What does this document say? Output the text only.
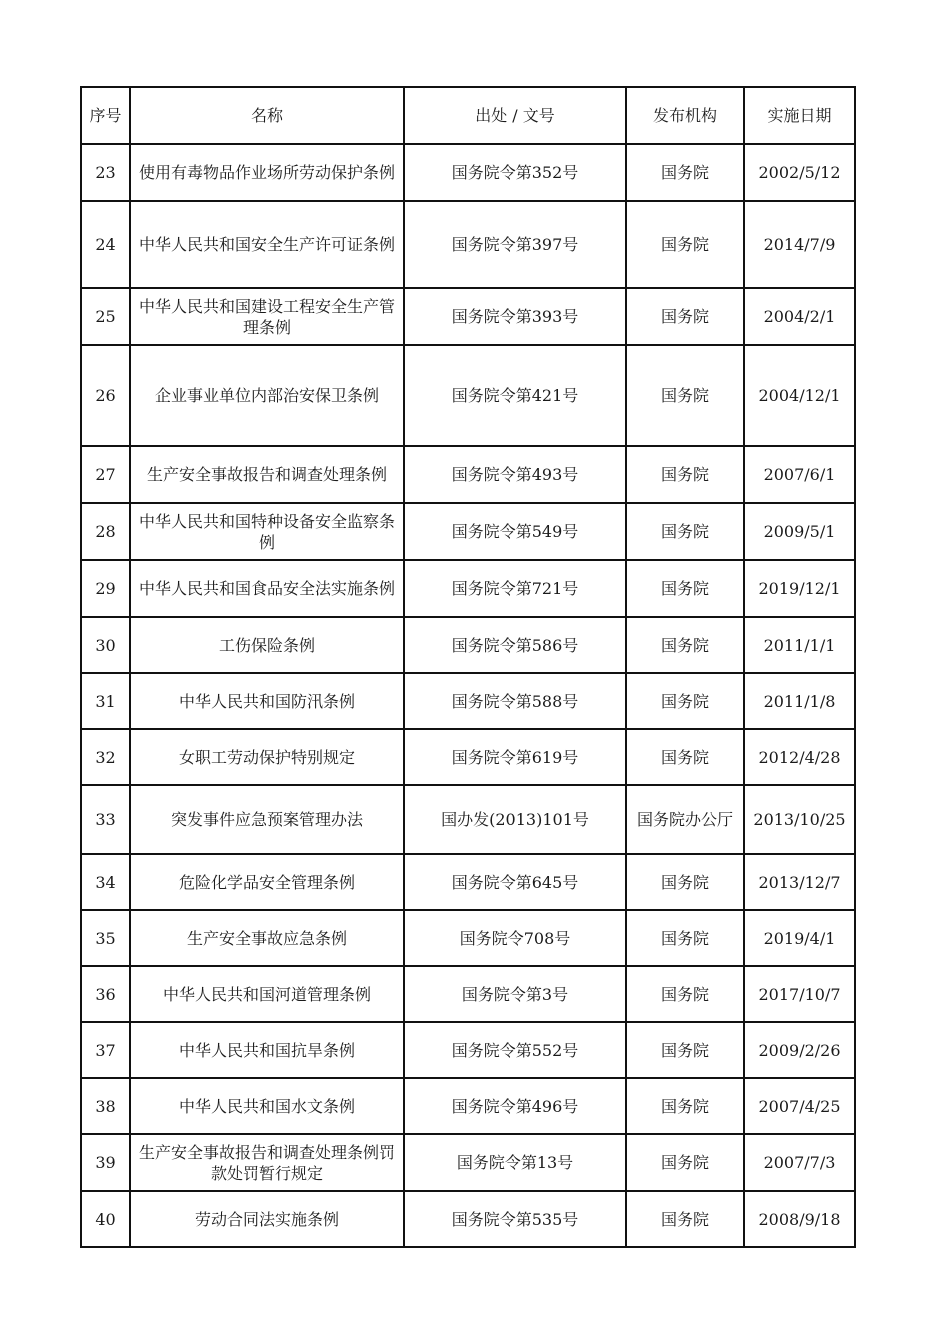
序号	名称	出处 / 文号	发布机构	实施日期
23	使用有毒物品作业场所劳动保护条例	国务院令第352号	国务院	2002/5/12
24	中华人民共和国安全生产许可证条例	国务院令第397号	国务院	2014/7/9
25	中华人民共和国建设工程安全生产管理条例	国务院令第393号	国务院	2004/2/1
26	企业事业单位内部治安保卫条例	国务院令第421号	国务院	2004/12/1
27	生产安全事故报告和调查处理条例	国务院令第493号	国务院	2007/6/1
28	中华人民共和国特种设备安全监察条例	国务院令第549号	国务院	2009/5/1
29	中华人民共和国食品安全法实施条例	国务院令第721号	国务院	2019/12/1
30	工伤保险条例	国务院令第586号	国务院	2011/1/1
31	中华人民共和国防汛条例	国务院令第588号	国务院	2011/1/8
32	女职工劳动保护特别规定	国务院令第619号	国务院	2012/4/28
33	突发事件应急预案管理办法	国办发(2013)101号	国务院办公厅	2013/10/25
34	危险化学品安全管理条例	国务院令第645号	国务院	2013/12/7
35	生产安全事故应急条例	国务院令708号	国务院	2019/4/1
36	中华人民共和国河道管理条例	国务院令第3号	国务院	2017/10/7
37	中华人民共和国抗旱条例	国务院令第552号	国务院	2009/2/26
38	中华人民共和国水文条例	国务院令第496号	国务院	2007/4/25
39	生产安全事故报告和调查处理条例罚款处罚暂行规定	国务院令第13号	国务院	2007/7/3
40	劳动合同法实施条例	国务院令第535号	国务院	2008/9/18
